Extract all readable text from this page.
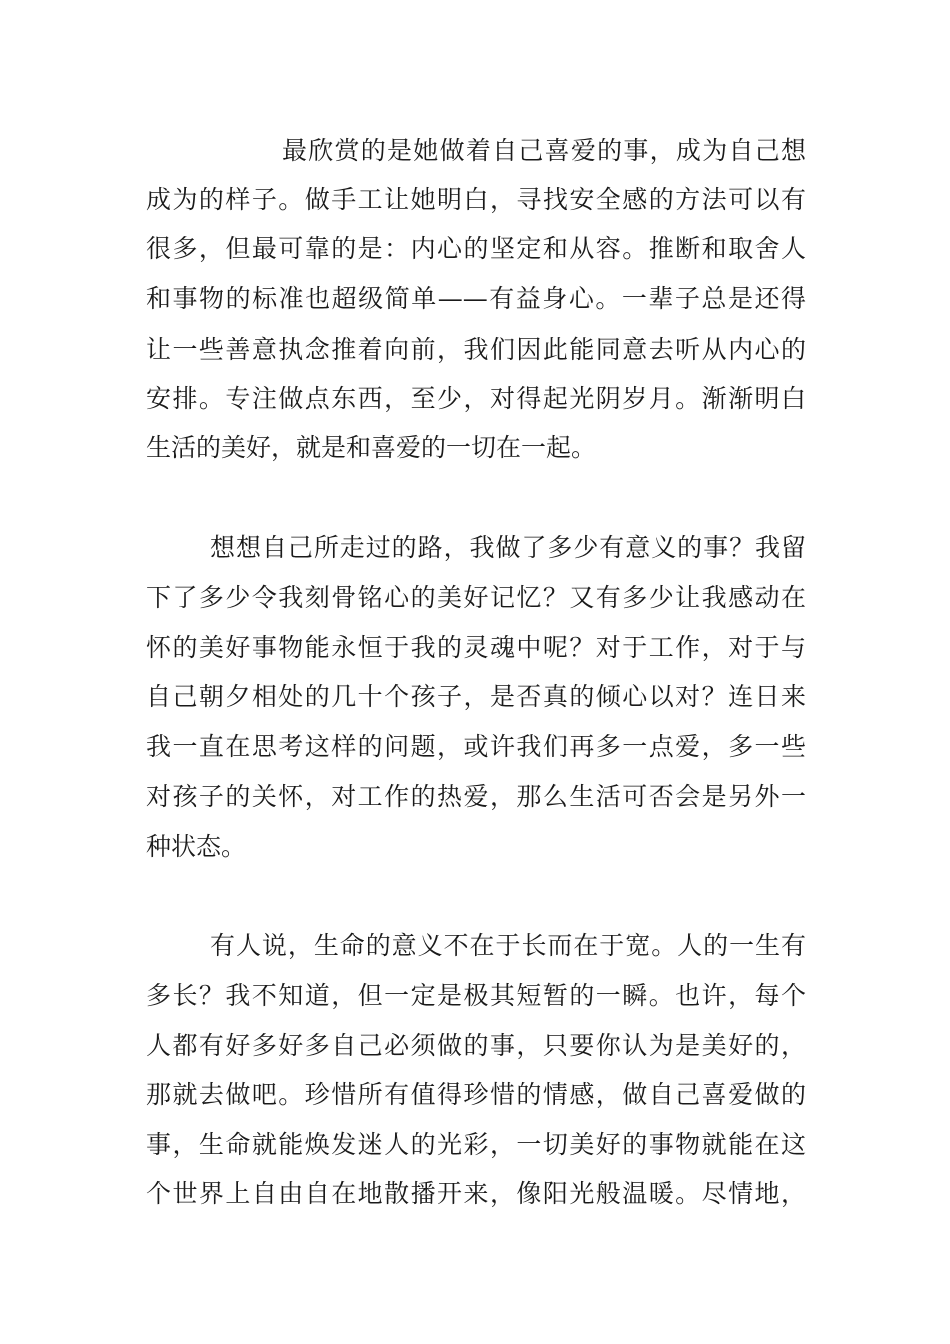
最欣赏的是她做着自己喜爱的事，成为自己想
成为的样子。做手工让她明白，寻找安全感的方法可以有
很多，但最可靠的是：内心的坚定和从容。推断和取舍人
和事物的标准也超级简单——有益身心。一辈子总是还得
让一些善意执念推着向前，我们因此能同意去听从内心的
安排。专注做点东西，至少，对得起光阴岁月。渐渐明白
生活的美好，就是和喜爱的一切在一起。
想想自己所走过的路，我做了多少有意义的事？我留
下了多少令我刻骨铭心的美好记忆？又有多少让我感动在
怀的美好事物能永恒于我的灵魂中呢？对于工作，对于与
自己朝夕相处的几十个孩子，是否真的倾心以对？连日来
我一直在思考这样的问题，或许我们再多一点爱，多一些
对孩子的关怀，对工作的热爱，那么生活可否会是另外一
种状态。
有人说，生命的意义不在于长而在于宽。人的一生有
多长？我不知道，但一定是极其短暂的一瞬。也许，每个
人都有好多好多自己必须做的事，只要你认为是美好的，
那就去做吧。珍惜所有值得珍惜的情感，做自己喜爱做的
事，生命就能焕发迷人的光彩，一切美好的事物就能在这
个世界上自由自在地散播开来，像阳光般温暖。尽情地，
